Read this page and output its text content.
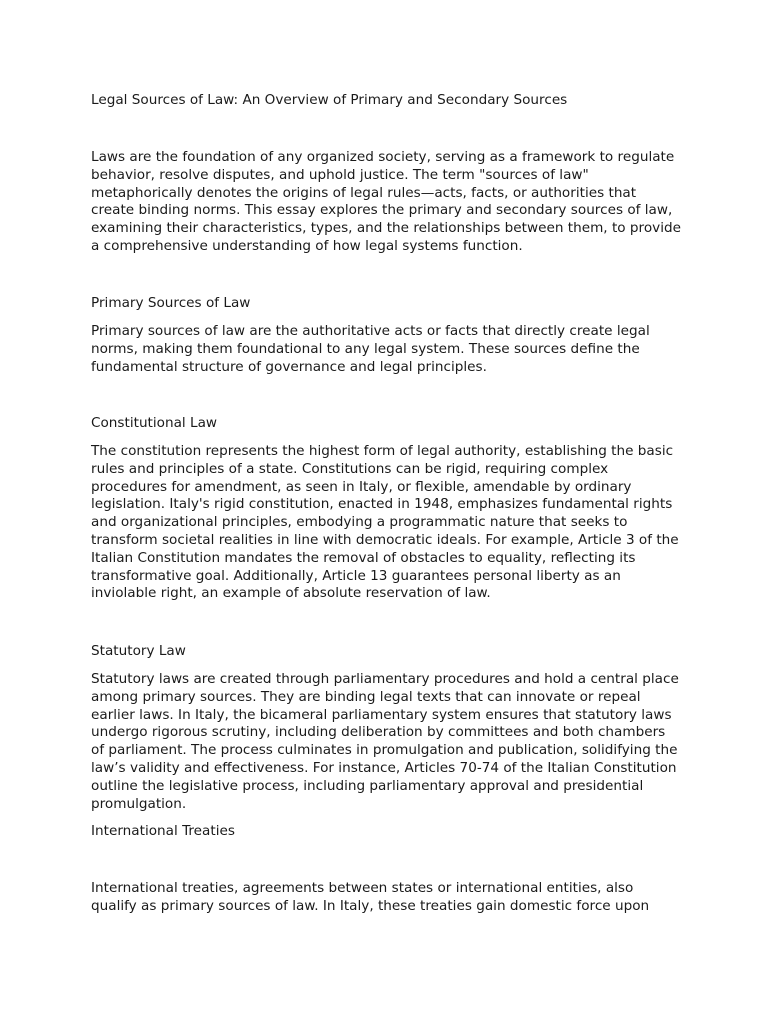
Legal Sources of Law: An Overview of Primary and Secondary Sources

Laws are the foundation of any organized society, serving as a framework to regulate behavior, resolve disputes, and uphold justice. The term "sources of law" metaphorically denotes the origins of legal rules—acts, facts, or authorities that create binding norms. This essay explores the primary and secondary sources of law, examining their characteristics, types, and the relationships between them, to provide a comprehensive understanding of how legal systems function.

Primary Sources of Law

Primary sources of law are the authoritative acts or facts that directly create legal norms, making them foundational to any legal system. These sources define the fundamental structure of governance and legal principles.

Constitutional Law

The constitution represents the highest form of legal authority, establishing the basic rules and principles of a state. Constitutions can be rigid, requiring complex procedures for amendment, as seen in Italy, or flexible, amendable by ordinary legislation. Italy's rigid constitution, enacted in 1948, emphasizes fundamental rights and organizational principles, embodying a programmatic nature that seeks to transform societal realities in line with democratic ideals. For example, Article 3 of the Italian Constitution mandates the removal of obstacles to equality, reflecting its transformative goal. Additionally, Article 13 guarantees personal liberty as an inviolable right, an example of absolute reservation of law.

Statutory Law

Statutory laws are created through parliamentary procedures and hold a central place among primary sources. They are binding legal texts that can innovate or repeal earlier laws. In Italy, the bicameral parliamentary system ensures that statutory laws undergo rigorous scrutiny, including deliberation by committees and both chambers of parliament. The process culminates in promulgation and publication, solidifying the law’s validity and effectiveness. For instance, Articles 70-74 of the Italian Constitution outline the legislative process, including parliamentary approval and presidential promulgation.

International Treaties

International treaties, agreements between states or international entities, also qualify as primary sources of law. In Italy, these treaties gain domestic force upon
